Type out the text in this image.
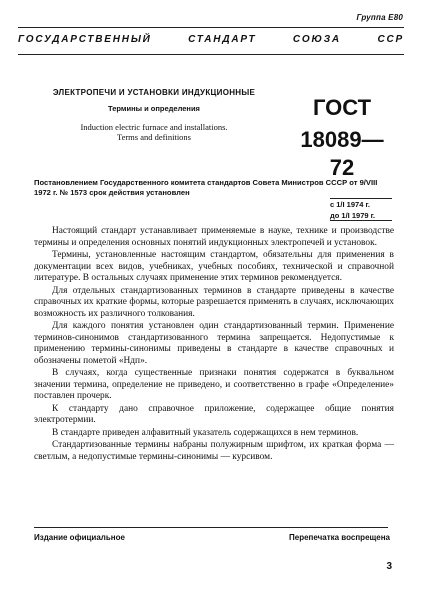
Группа Е80
ГОСУДАРСТВЕННЫЙ СТАНДАРТ СОЮЗА ССР
ЭЛЕКТРОПЕЧИ И УСТАНОВКИ ИНДУКЦИОННЫЕ
Термины и определения
Induction electric furnace and installations.
Terms and definitions
ГОСТ
18089—72
Постановлением Государственного комитета стандартов Совета Министров СССР от 9/VIII 1972 г. № 1573 срок действия установлен
с 1/I 1974 г.
до 1/I 1979 г.

Настоящий стандарт устанавливает применяемые в науке, технике и производстве термины и определения основных понятий индукционных электропечей и установок.

Термины, установленные настоящим стандартом, обязательны для применения в документации всех видов, учебниках, учебных пособиях, технической и справочной литературе. В остальных случаях применение этих терминов рекомендуется.

Для отдельных стандартизованных терминов в стандарте приведены в качестве справочных их краткие формы, которые разрешается применять в случаях, исключающих возможность их различного толкования.

Для каждого понятия установлен один стандартизованный термин. Применение терминов-синонимов стандартизованного термина запрещается. Недопустимые к применению термины-синонимы приведены в стандарте в качестве справочных и обозначены пометой «Ндп».

В случаях, когда существенные признаки понятия содержатся в буквальном значении термина, определение не приведено, и соответственно в графе «Определение» поставлен прочерк.

К стандарту дано справочное приложение, содержащее общие понятия электротермии.

В стандарте приведен алфавитный указатель содержащихся в нем терминов.

Стандартизованные термины набраны полужирным шрифтом, их краткая форма — светлым, а недопустимые термины-синонимы — курсивом.

Издание официальное	Перепечатка воспрещена
3
